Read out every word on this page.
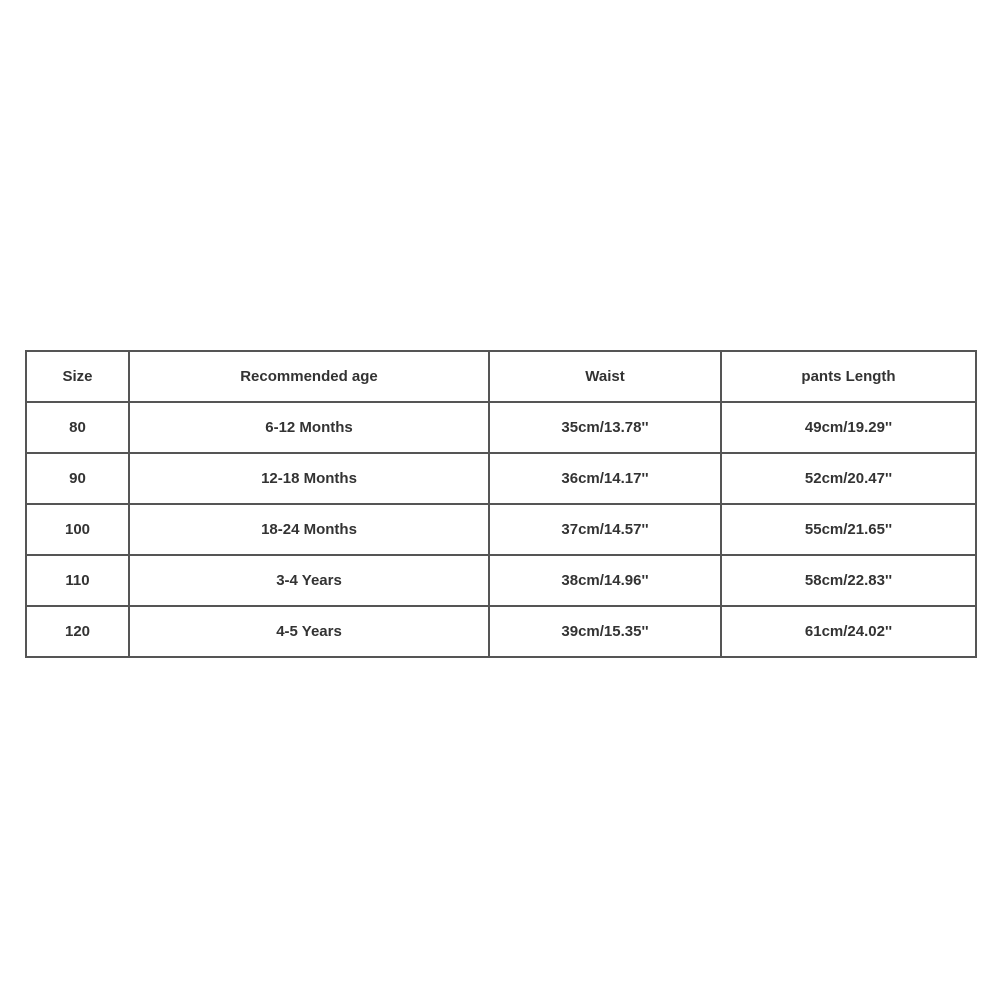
Size	Recommended age	Waist	pants Length
80	6-12 Months	35cm/13.78''	49cm/19.29''
90	12-18 Months	36cm/14.17''	52cm/20.47''
100	18-24 Months	37cm/14.57''	55cm/21.65''
110	3-4 Years	38cm/14.96''	58cm/22.83''
120	4-5 Years	39cm/15.35''	61cm/24.02''
